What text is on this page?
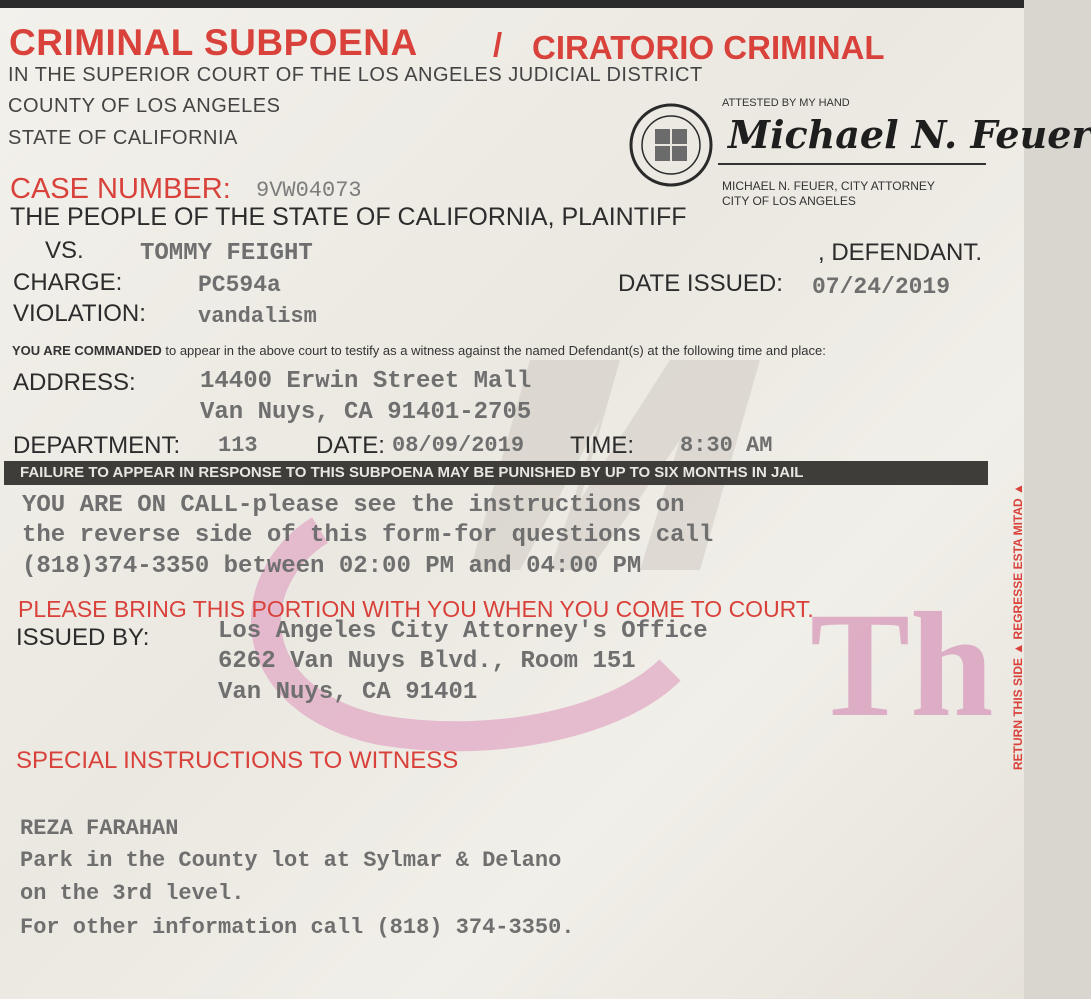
Th
CRIMINAL SUBPOENA / CIRATORIO CRIMINAL
IN THE SUPERIOR COURT OF THE LOS ANGELES JUDICIAL DISTRICT
COUNTY OF LOS ANGELES
STATE OF CALIFORNIA
ATTESTED BY MY HAND
Michael N. Feuer
MICHAEL N. FEUER, CITY ATTORNEY
CITY OF LOS ANGELES
CASE NUMBER: 9VW04073
THE PEOPLE OF THE STATE OF CALIFORNIA, PLAINTIFF
VS. TOMMY FEIGHT	, DEFENDANT.
CHARGE:	PC594a	DATE ISSUED: 07/24/2019
VIOLATION: vandalism
YOU ARE COMMANDED to appear in the above court to testify as a witness against the named Defendant(s) at the following time and place:
ADDRESS:	14400 Erwin Street Mall
Van Nuys, CA 91401-2705
DEPARTMENT: 113 DATE: 08/09/2019 TIME: 8:30 AM
FAILURE TO APPEAR IN RESPONSE TO THIS SUBPOENA MAY BE PUNISHED BY UP TO SIX MONTHS IN JAIL
YOU ARE ON CALL-please see the instructions on
the reverse side of this form-for questions call
(818)374-3350 between 02:00 PM and 04:00 PM
PLEASE BRING THIS PORTION WITH YOU WHEN YOU COME TO COURT.
ISSUED BY:	Los Angeles City Attorney's Office
6262 Van Nuys Blvd., Room 151
Van Nuys, CA 91401
SPECIAL INSTRUCTIONS TO WITNESS
REZA FARAHAN
Park in the County lot at Sylmar & Delano
on the 3rd level.
For other information call (818) 374-3350.
RETURN THIS SIDE ▲ REGRESSE ESTA MITAD ▲
